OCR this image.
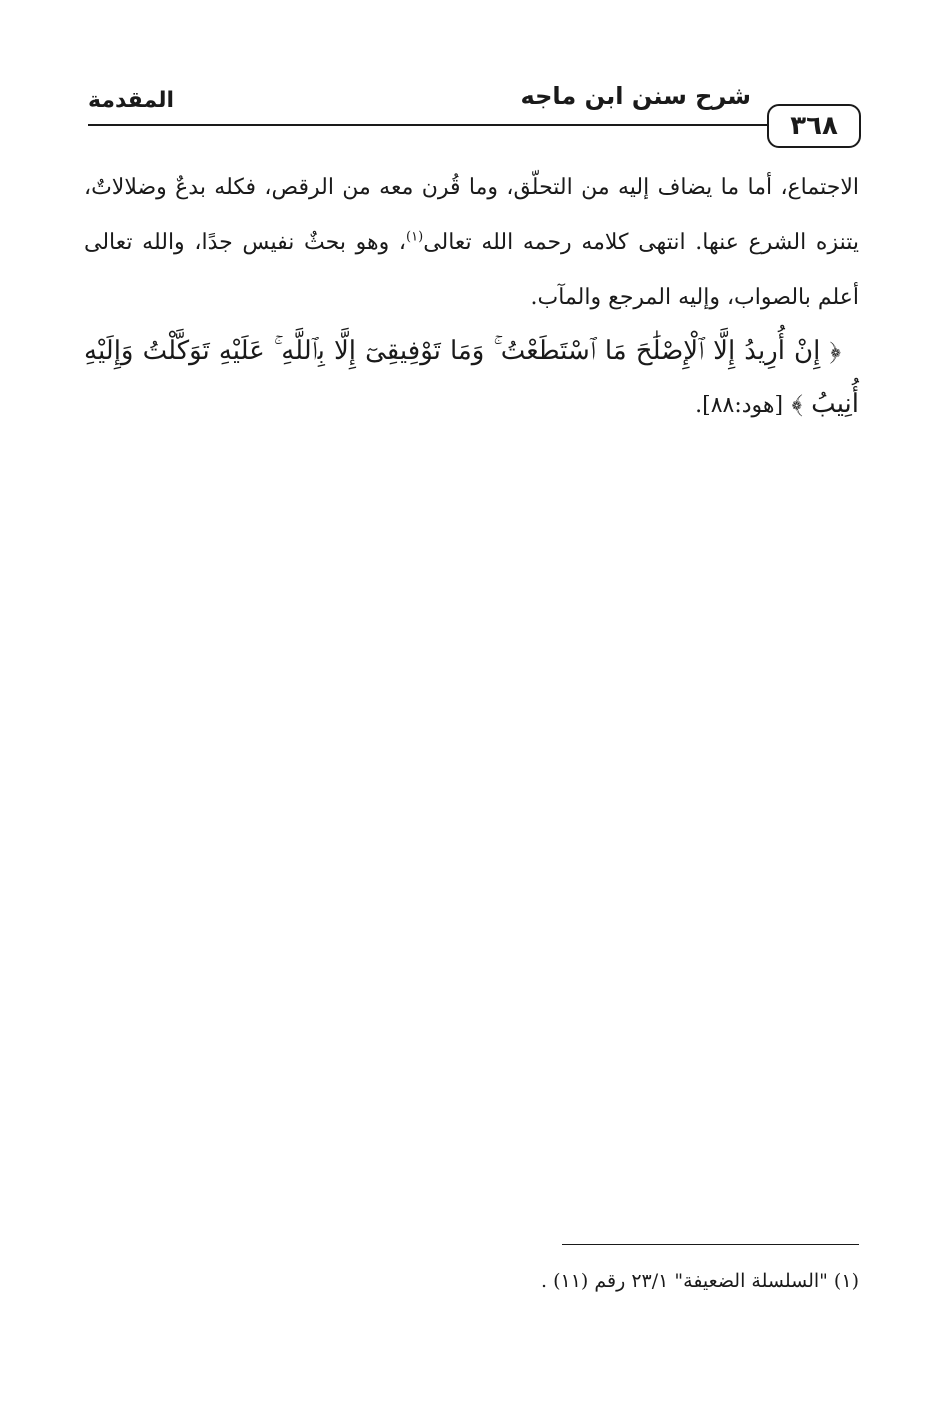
٣٦٨
شرح سنن ابن ماجه
المقدمة

الاجتماع، أما ما يضاف إليه من التحلّق، وما قُرن معه من الرقص، فكله بدعٌ وضلالاتٌ، يتنزه الشرع عنها. انتهى كلامه رحمه الله تعالى$^{(١)}$، وهو بحثٌ نفيس جدًا، والله تعالى أعلم بالصواب، وإليه المرجع والمآب.

﴿ إِنْ أُرِيدُ إِلَّا ٱلْإِصْلَٰحَ مَا ٱسْتَطَعْتُ ۚ وَمَا تَوْفِيقِىٓ إِلَّا بِٱللَّهِ ۚ عَلَيْهِ تَوَكَّلْتُ وَإِلَيْهِ أُنِيبُ ﴾ [هود:٨٨].

(١) "السلسلة الضعيفة" ٢٣/١ رقم (١١) .
